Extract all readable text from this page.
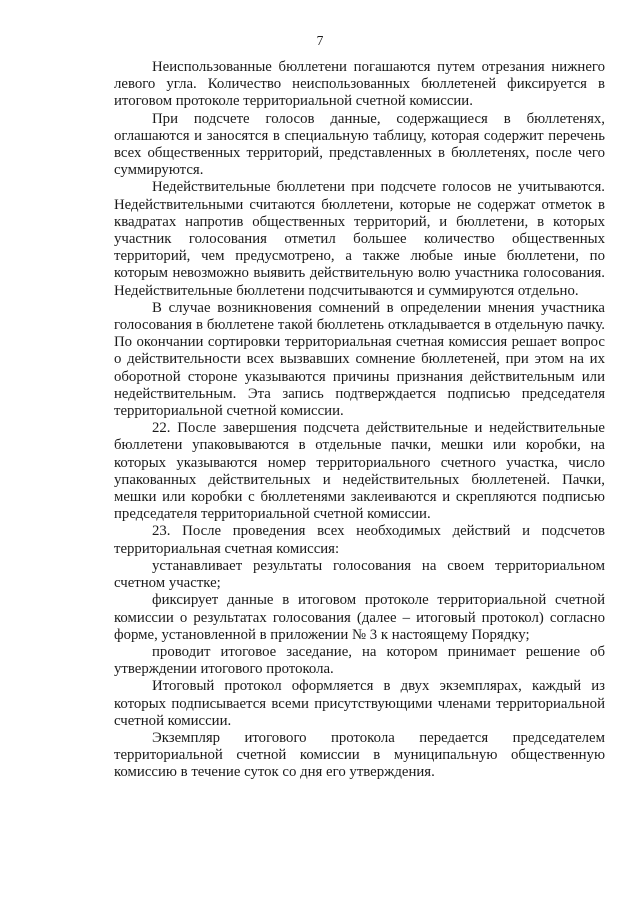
7

Неиспользованные бюллетени погашаются путем отрезания нижнего левого угла. Количество неиспользованных бюллетеней фиксируется в итоговом протоколе территориальной счетной комиссии.

При подсчете голосов данные, содержащиеся в бюллетенях, оглашаются и заносятся в специальную таблицу, которая содержит перечень всех общественных территорий, представленных в бюллетенях, после чего суммируются.

Недействительные бюллетени при подсчете голосов не учитываются. Недействительными считаются бюллетени, которые не содержат отметок в квадратах напротив общественных территорий, и бюллетени, в которых участник голосования отметил большее количество общественных территорий, чем предусмотрено, а также любые иные бюллетени, по которым невозможно выявить действительную волю участника голосования. Недействительные бюллетени подсчитываются и суммируются отдельно.

В случае возникновения сомнений в определении мнения участника голосования в бюллетене такой бюллетень откладывается в отдельную пачку. По окончании сортировки территориальная счетная комиссия решает вопрос о действительности всех вызвавших сомнение бюллетеней, при этом на их оборотной стороне указываются причины признания действительным или недействительным. Эта запись подтверждается подписью председателя территориальной счетной комиссии.

22. После завершения подсчета действительные и недействительные бюллетени упаковываются в отдельные пачки, мешки или коробки, на которых указываются номер территориального счетного участка, число упакованных действительных и недействительных бюллетеней. Пачки, мешки или коробки с бюллетенями заклеиваются и скрепляются подписью председателя территориальной счетной комиссии.

23. После проведения всех необходимых действий и подсчетов территориальная счетная комиссия:

устанавливает результаты голосования на своем территориальном счетном участке;

фиксирует данные в итоговом протоколе территориальной счетной комиссии о результатах голосования (далее – итоговый протокол) согласно форме, установленной в приложении № 3 к настоящему Порядку;

проводит итоговое заседание, на котором принимает решение об утверждении итогового протокола.

Итоговый протокол оформляется в двух экземплярах, каждый из которых подписывается всеми присутствующими членами территориальной счетной комиссии.

Экземпляр итогового протокола передается председателем территориальной счетной комиссии в муниципальную общественную комиссию в течение суток со дня его утверждения.
